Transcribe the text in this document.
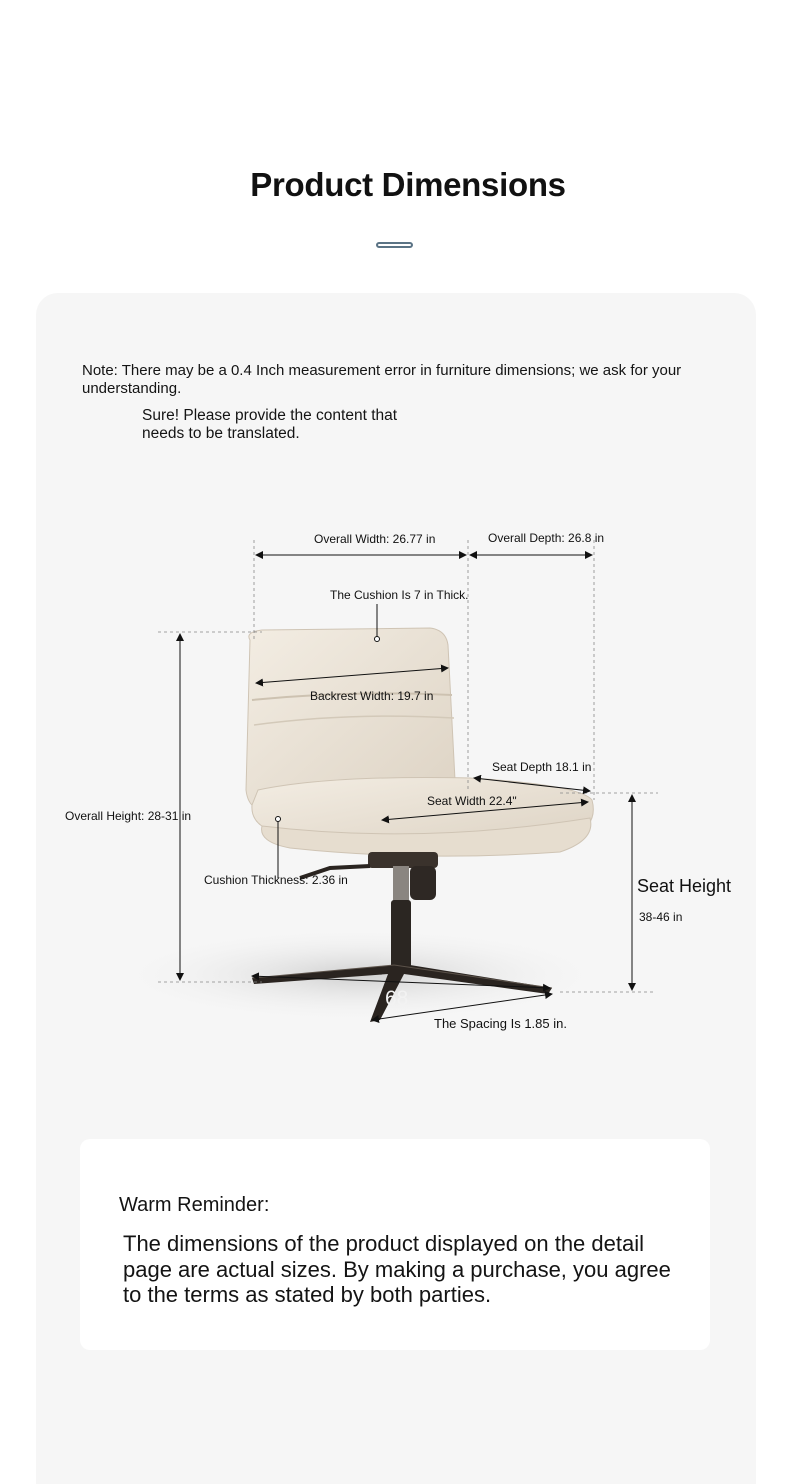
Product Dimensions
Note: There may be a 0.4 Inch measurement error in furniture dimensions; we ask for your understanding.
Sure! Please provide the content that needs to be translated.
Overall Width: 26.77 in	Overall Depth: 26.8 in
The Cushion Is 7 in Thick.
Backrest Width: 19.7 in
Seat Depth 18.1 in
Seat Width 22.4"
Overall Height: 28-31 in
Cushion Thickness: 2.36 in	Seat Height
38-46 in
68
The Spacing Is 1.85 in.
Warm Reminder:
The dimensions of the product displayed on the detail page are actual sizes. By making a purchase, you agree to the terms as stated by both parties.
